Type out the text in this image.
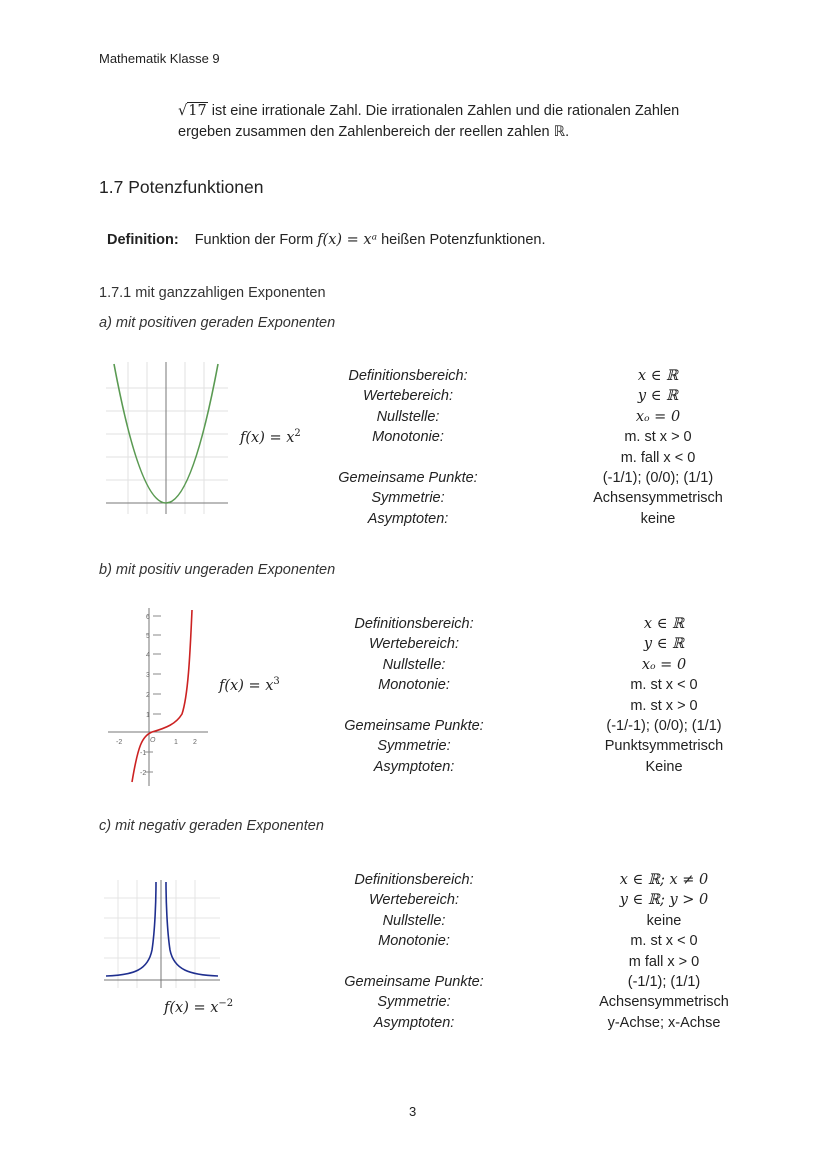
Mathematik Klasse 9
√17 ist eine irrationale Zahl. Die irrationalen Zahlen und die rationalen Zahlen
ergeben zusammen den Zahlenbereich der reellen zahlen ℝ.
1.7 Potenzfunktionen
Definition: Funktion der Form f(x) = xᵃ heißen Potenzfunktionen.
1.7.1 mit ganzzahligen Exponenten
a) mit positiven geraden Exponenten
$f(x) = x^2$
Definitionsbereich:	x ∈ ℝ
Wertebereich:	y ∈ ℝ
Nullstelle:	xₒ = 0
Monotonie:	m. st x > 0
m. fall x < 0
Gemeinsame Punkte:	(-1/1); (0/0); (1/1)
Symmetrie:	Achsensymmetrisch
Asymptoten:	keine
b) mit positiv ungeraden Exponenten
6
5
4
3
2
1
-1
-2
-2	1 2
O
$f(x) = x^3$
Definitionsbereich:	x ∈ ℝ
Wertebereich:	y ∈ ℝ
Nullstelle:	xₒ = 0
Monotonie:	m. st x < 0
m. st x > 0
Gemeinsame Punkte:	(-1/-1); (0/0); (1/1)
Symmetrie:	Punktsymmetrisch
Asymptoten:	Keine
c) mit negativ geraden Exponenten
$f(x) = x^{-2}$
Definitionsbereich:	x ∈ ℝ; x ≠ 0
Wertebereich:	y ∈ ℝ; y > 0
Nullstelle:	keine
Monotonie:	m. st x < 0
m fall x > 0
Gemeinsame Punkte:	(-1/1); (1/1)
Symmetrie:	Achsensymmetrisch
Asymptoten:	y-Achse; x-Achse
3
